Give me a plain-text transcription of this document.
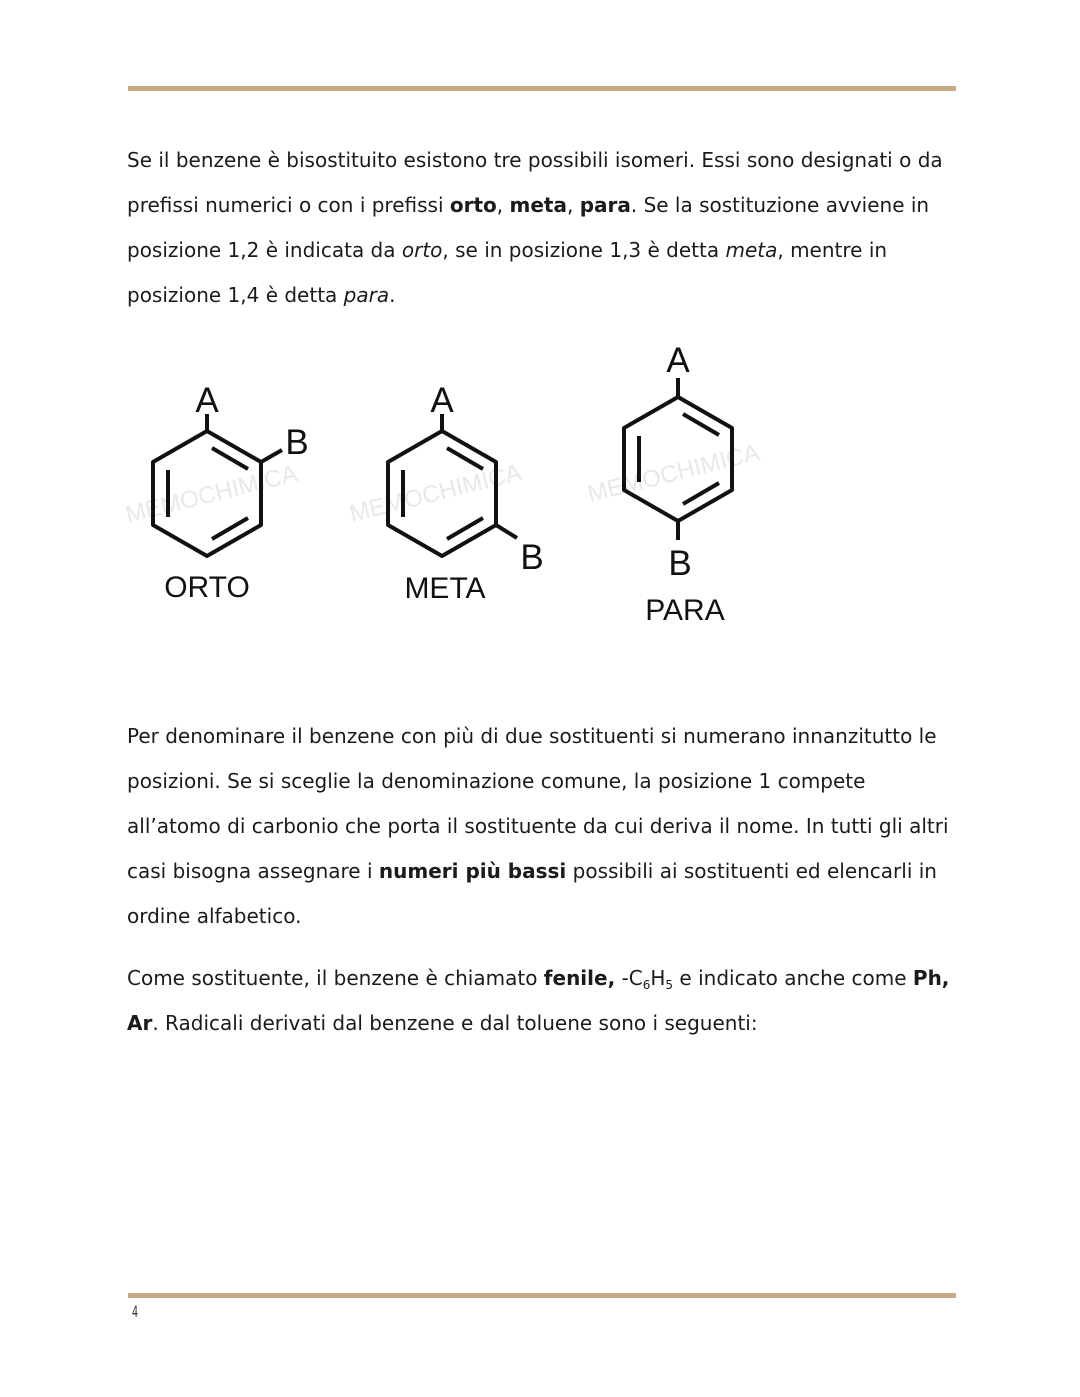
Se il benzene è bisostituito esistono tre possibili isomeri. Essi sono designati o da prefissi numerici o con i prefissi orto, meta, para. Se la sostituzione avviene in posizione 1,2 è indicata da orto, se in posizione 1,3 è detta meta, mentre in posizione 1,4 è detta para.

MEMOCHIMICA MEMOCHIMICA	MEMOCHIMICA
A
B
ORTO
A
B
META
A
B
PARA

Per denominare il benzene con più di due sostituenti si numerano innanzitutto le posizioni. Se si sceglie la denominazione comune, la posizione 1 compete all’atomo di carbonio che porta il sostituente da cui deriva il nome. In tutti gli altri casi bisogna assegnare i numeri più bassi possibili ai sostituenti ed elencarli in ordine alfabetico.

Come sostituente, il benzene è chiamato fenile, $-C_6H_5$ e indicato anche come Ph, Ar. Radicali derivati dal benzene e dal toluene sono i seguenti:

4
